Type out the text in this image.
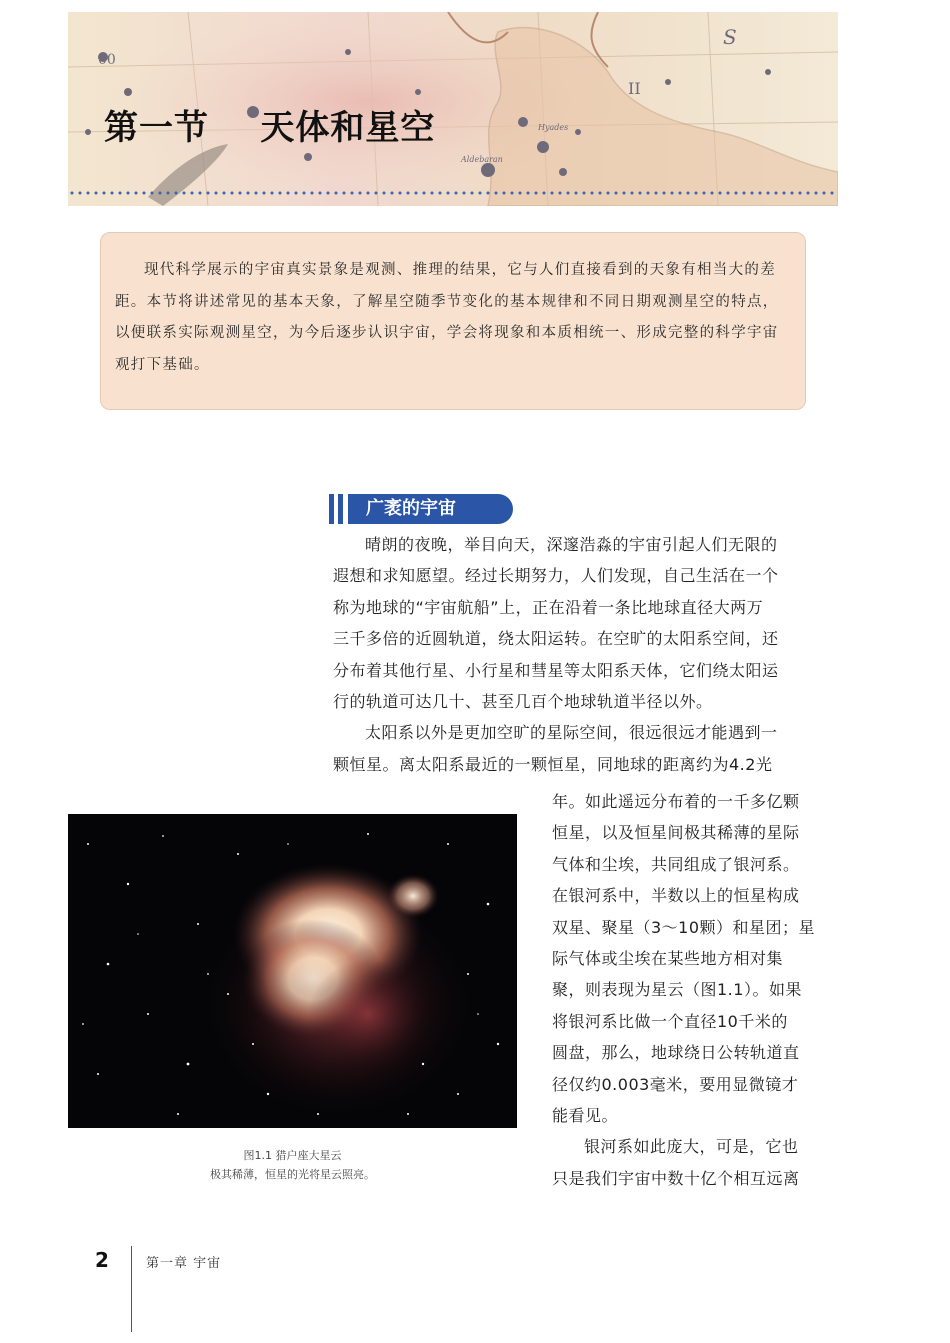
00
S
II
Aldebaran
Hyades
第一节    天体和星空

现代科学展示的宇宙真实景象是观测、推理的结果，它与人们直接看到的天象有相当大的差距。本节将讲述常见的基本天象，了解星空随季节变化的基本规律和不同日期观测星空的特点，以便联系实际观测星空，为今后逐步认识宇宙，学会将现象和本质相统一、形成完整的科学宇宙观打下基础。

广袤的宇宙

晴朗的夜晚，举目向天，深邃浩淼的宇宙引起人们无限的
遐想和求知愿望。经过长期努力，人们发现，自己生活在一个
称为地球的“宇宙航船”上，正在沿着一条比地球直径大两万
三千多倍的近圆轨道，绕太阳运转。在空旷的太阳系空间，还
分布着其他行星、小行星和彗星等太阳系天体，它们绕太阳运
行的轨道可达几十、甚至几百个地球轨道半径以外。

太阳系以外是更加空旷的星际空间，很远很远才能遇到一
颗恒星。离太阳系最近的一颗恒星，同地球的距离约为4.2光

年。如此遥远分布着的一千多亿颗
恒星，以及恒星间极其稀薄的星际
气体和尘埃，共同组成了银河系。
在银河系中，半数以上的恒星构成
双星、聚星（3～10颗）和星团；星
际气体或尘埃在某些地方相对集
聚，则表现为星云（图1.1）。如果
将银河系比做一个直径10千米的
圆盘，那么，地球绕日公转轨道直
径仅约0.003毫米，要用显微镜才
能看见。

银河系如此庞大，可是，它也
只是我们宇宙中数十亿个相互远离

图1.1 猎户座大星云
极其稀薄，恒星的光将星云照亮。
2	第一章 宇宙
